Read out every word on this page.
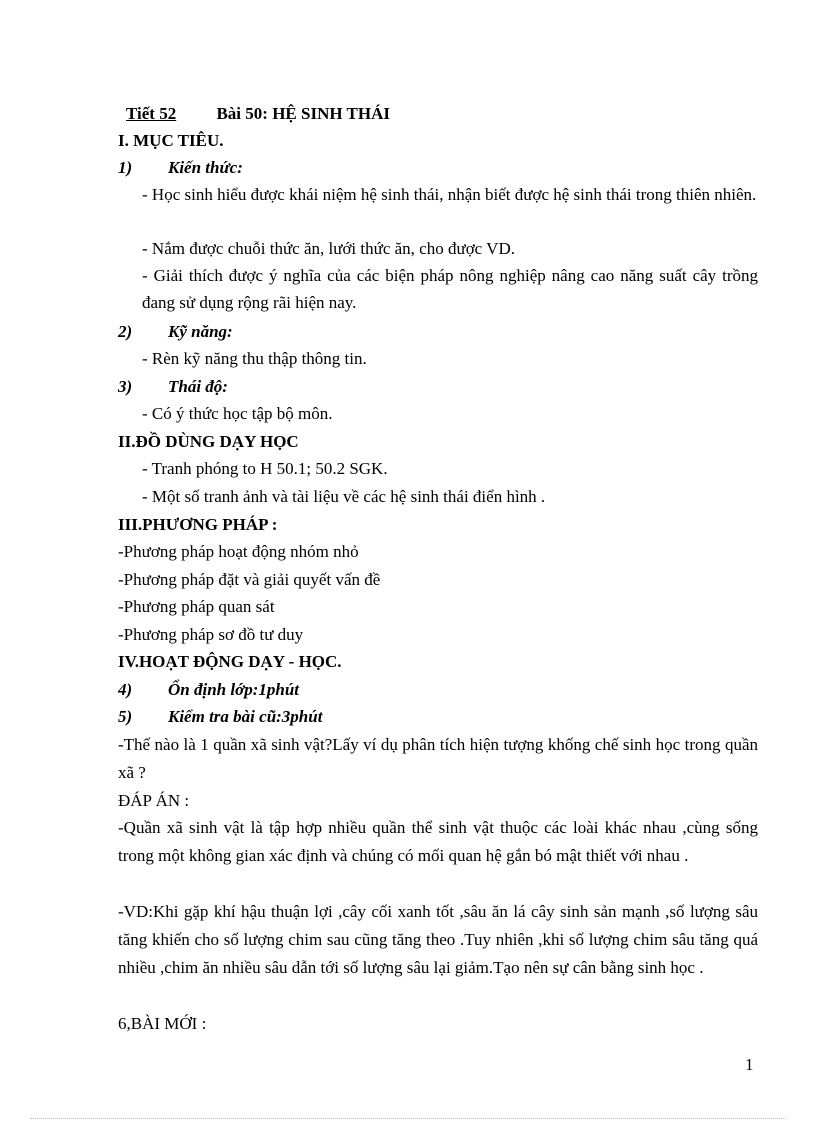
Tiết 52 Bài 50: HỆ SINH THÁI
I. MỤC TIÊU.
1) Kiến thức:
- Học sinh hiểu được khái niệm hệ sinh thái, nhận biết được hệ sinh thái trong thiên nhiên.
- Nắm được chuỗi thức ăn, lưới thức ăn, cho được VD.
- Giải thích được ý nghĩa của các biện pháp nông nghiệp nâng cao năng suất cây trồng đang sử dụng rộng rãi hiện nay.
2) Kỹ năng:
- Rèn kỹ năng thu thập thông tin.
3) Thái độ:
- Có ý thức học tập bộ môn.
II.ĐỒ DÙNG DẠY HỌC
- Tranh phóng to H 50.1; 50.2 SGK.
- Một số tranh ảnh và tài liệu về các hệ sinh thái điển hình .
III.PHƯƠNG PHÁP :
-Phương pháp hoạt động nhóm nhỏ
-Phương pháp đặt và giải quyết vấn đề
-Phương pháp quan sát
-Phương pháp sơ đồ tư duy
IV.HOẠT ĐỘNG DẠY - HỌC.
4) Ổn định lớp:1phút
5) Kiểm tra bài cũ:3phút
-Thế nào là 1 quần xã sinh vật?Lấy ví dụ phân tích hiện tượng khống chế sinh học trong quần xã ?
ĐÁP ÁN :
-Quần xã sinh vật là tập hợp nhiều quần thể sinh vật thuộc các loài khác nhau ,cùng sống trong một không gian xác định và chúng có mối quan hệ gắn bó mật thiết với nhau .
-VD:Khi gặp khí hậu thuận lợi ,cây cối xanh tốt ,sâu ăn lá cây sinh sản mạnh ,số lượng sâu tăng khiến cho số lượng chim sau cũng tăng theo .Tuy nhiên ,khi số lượng chim sâu tăng quá nhiều ,chim ăn nhiều sâu dẫn tới số lượng sâu lại giảm.Tạo nên sự cân bằng sinh học .
6,BÀI MỚI :
1
